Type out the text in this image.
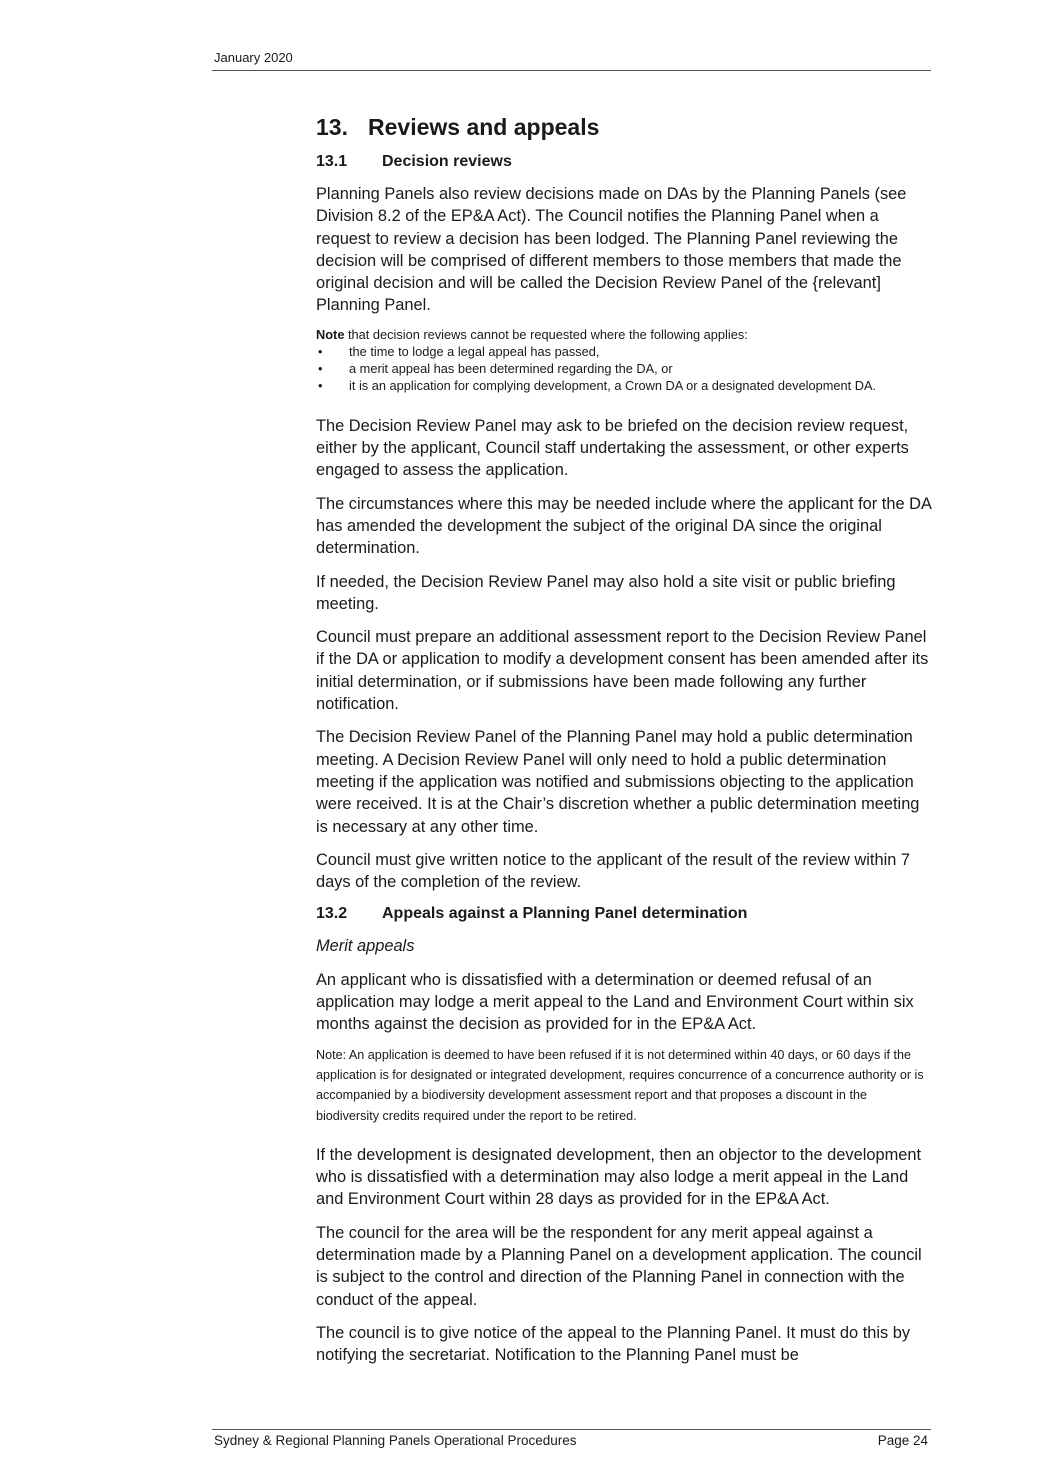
January 2020
13. Reviews and appeals
13.1 Decision reviews

Planning Panels also review decisions made on DAs by the Planning Panels (see Division 8.2 of the EP&A Act). The Council notifies the Planning Panel when a request to review a decision has been lodged. The Planning Panel reviewing the decision will be comprised of different members to those members that made the original decision and will be called the Decision Review Panel of the {relevant] Planning Panel.

Note that decision reviews cannot be requested where the following applies:

• the time to lodge a legal appeal has passed,
• a merit appeal has been determined regarding the DA, or
• it is an application for complying development, a Crown DA or a designated development DA.

The Decision Review Panel may ask to be briefed on the decision review request, either by the applicant, Council staff undertaking the assessment, or other experts engaged to assess the application.

The circumstances where this may be needed include where the applicant for the DA has amended the development the subject of the original DA since the original determination.

If needed, the Decision Review Panel may also hold a site visit or public briefing meeting.

Council must prepare an additional assessment report to the Decision Review Panel if the DA or application to modify a development consent has been amended after its initial determination, or if submissions have been made following any further notification.

The Decision Review Panel of the Planning Panel may hold a public determination meeting. A Decision Review Panel will only need to hold a public determination meeting if the application was notified and submissions objecting to the application were received. It is at the Chair’s discretion whether a public determination meeting is necessary at any other time.

Council must give written notice to the applicant of the result of the review within 7 days of the completion of the review.

13.2 Appeals against a Planning Panel determination

Merit appeals

An applicant who is dissatisfied with a determination or deemed refusal of an application may lodge a merit appeal to the Land and Environment Court within six months against the decision as provided for in the EP&A Act.

Note: An application is deemed to have been refused if it is not determined within 40 days, or 60 days if the application is for designated or integrated development, requires concurrence of a concurrence authority or is accompanied by a biodiversity development assessment report and that proposes a discount in the biodiversity credits required under the report to be retired.

If the development is designated development, then an objector to the development who is dissatisfied with a determination may also lodge a merit appeal in the Land and Environment Court within 28 days as provided for in the EP&A Act.

The council for the area will be the respondent for any merit appeal against a determination made by a Planning Panel on a development application. The council is subject to the control and direction of the Planning Panel in connection with the conduct of the appeal.

The council is to give notice of the appeal to the Planning Panel. It must do this by notifying the secretariat. Notification to the Planning Panel must be

Sydney & Regional Planning Panels Operational Procedures	Page 24
